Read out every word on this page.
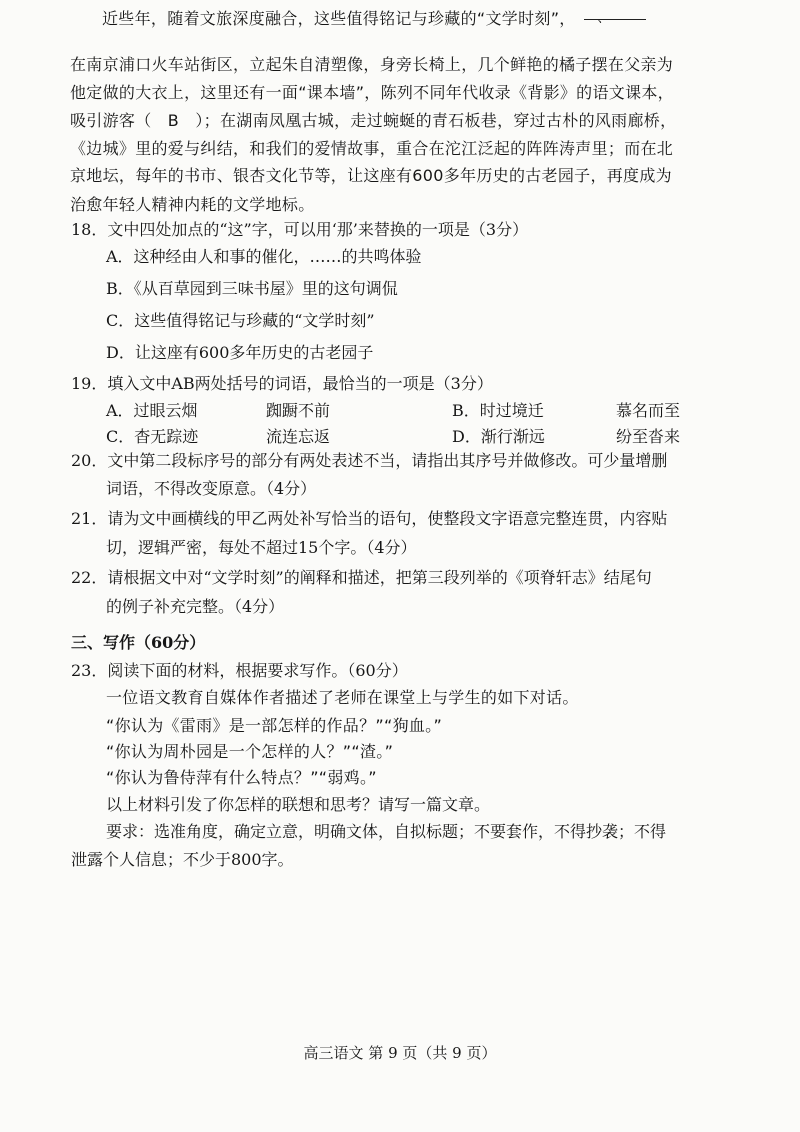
近些年，随着文旅深度融合，这些值得铭记与珍藏的“文学时刻”， 、
在南京浦口火车站街区，立起朱自清塑像，身旁长椅上，几个鲜艳的橘子摆在父亲为
他定做的大衣上，这里还有一面“课本墙”，陈列不同年代收录《背影》的语文课本，
吸引游客（　B　）；在湖南凤凰古城，走过蜿蜒的青石板巷，穿过古朴的风雨廊桥，
《边城》里的爱与纠结，和我们的爱情故事，重合在沱江泛起的阵阵涛声里；而在北
京地坛，每年的书市、银杏文化节等，让这座有600多年历史的古老园子，再度成为
治愈年轻人精神内耗的文学地标。
18．文中四处加点的“这”字，可以用‘那’来替换的一项是（3分）
A．这种经由人和事的催化，……的共鸣体验
B．《从百草园到三味书屋》里的这句调侃
C．这些值得铭记与珍藏的“文学时刻”
D．让这座有600多年历史的古老园子
19．填入文中AB两处括号的词语，最恰当的一项是（3分）
A．过眼云烟	踟蹰不前	B．时过境迁	慕名而至
C．杳无踪迹	流连忘返	D．渐行渐远	纷至沓来
20．文中第二段标序号的部分有两处表述不当，请指出其序号并做修改。可少量增删
词语，不得改变原意。（4分）
21．请为文中画横线的甲乙两处补写恰当的语句，使整段文字语意完整连贯，内容贴
切，逻辑严密，每处不超过15个字。（4分）
22．请根据文中对“文学时刻”的阐释和描述，把第三段列举的《项脊轩志》结尾句
的例子补充完整。（4分）
三、写作（60分）
23．阅读下面的材料，根据要求写作。（60分）
一位语文教育自媒体作者描述了老师在课堂上与学生的如下对话。
“你认为《雷雨》是一部怎样的作品？”“狗血。”
“你认为周朴园是一个怎样的人？”“渣。”
“你认为鲁侍萍有什么特点？”“弱鸡。”
以上材料引发了你怎样的联想和思考？请写一篇文章。
要求：选准角度，确定立意，明确文体，自拟标题；不要套作，不得抄袭；不得
泄露个人信息；不少于800字。
高三语文 第 9 页（共 9 页）
